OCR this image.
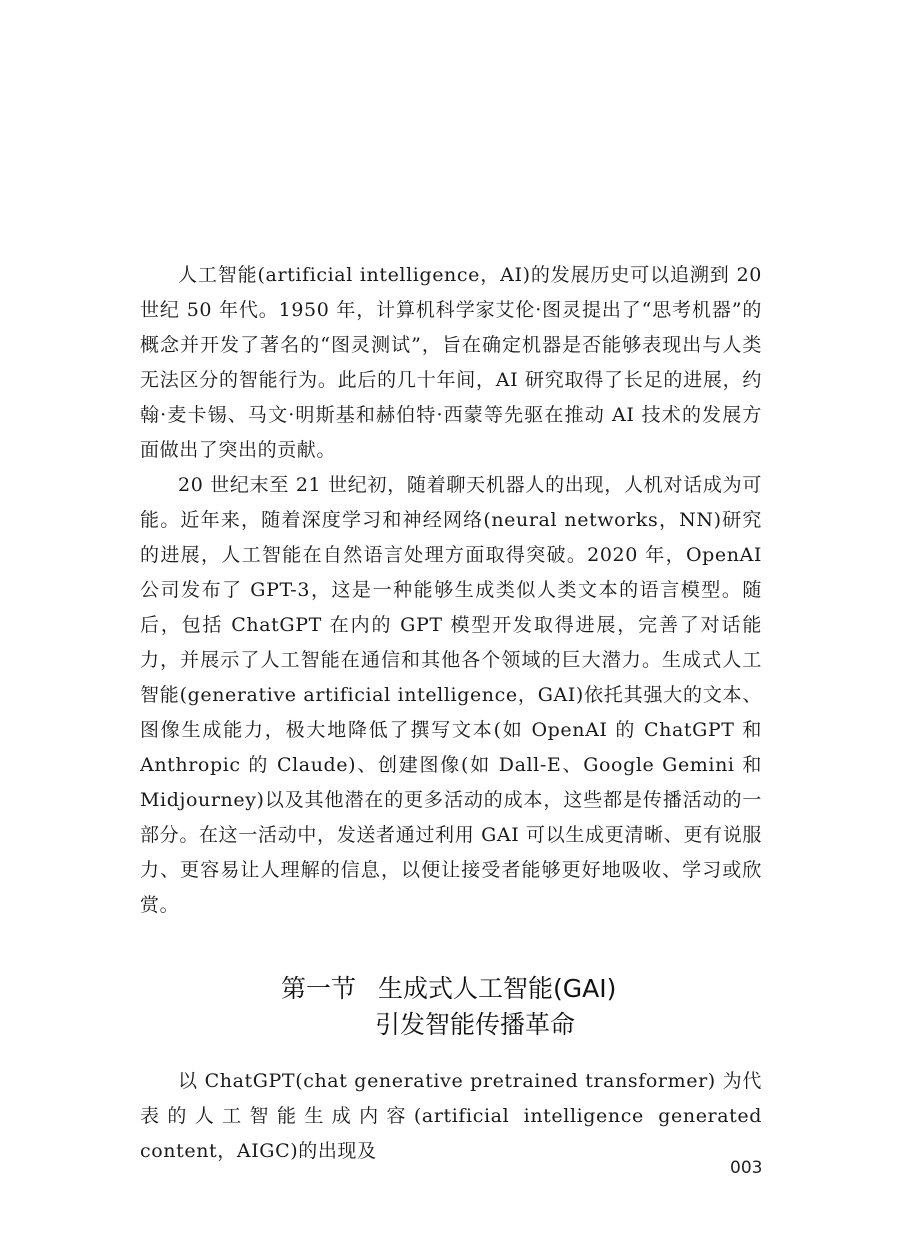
人工智能(artificial intelligence，AI)的发展历史可以追溯到 20 世纪 50 年代。1950 年，计算机科学家艾伦·图灵提出了“思考机器”的概念并开发了著名的“图灵测试”，旨在确定机器是否能够表现出与人类无法区分的智能行为。此后的几十年间，AI 研究取得了长足的进展，约翰·麦卡锡、马文·明斯基和赫伯特·西蒙等先驱在推动 AI 技术的发展方面做出了突出的贡献。

20 世纪末至 21 世纪初，随着聊天机器人的出现，人机对话成为可能。近年来，随着深度学习和神经网络(neural networks，NN)研究的进展，人工智能在自然语言处理方面取得突破。2020 年，OpenAI 公司发布了 GPT-3，这是一种能够生成类似人类文本的语言模型。随后，包括 ChatGPT 在内的 GPT 模型开发取得进展，完善了对话能力，并展示了人工智能在通信和其他各个领域的巨大潜力。生成式人工智能(generative artificial intelligence，GAI)依托其强大的文本、图像生成能力，极大地降低了撰写文本(如 OpenAI 的 ChatGPT 和 Anthropic 的 Claude)、创建图像(如 Dall-E、Google Gemini 和 Midjourney)以及其他潜在的更多活动的成本，这些都是传播活动的一部分。在这一活动中，发送者通过利用 GAI 可以生成更清晰、更有说服力、更容易让人理解的信息，以便让接受者能够更好地吸收、学习或欣赏。

第一节 生成式人工智能(GAI)
引发智能传播革命

以 ChatGPT(chat generative pretrained transformer) 为代表的人工智能生成内容(artificial intelligence generated content，AIGC)的出现及

003
